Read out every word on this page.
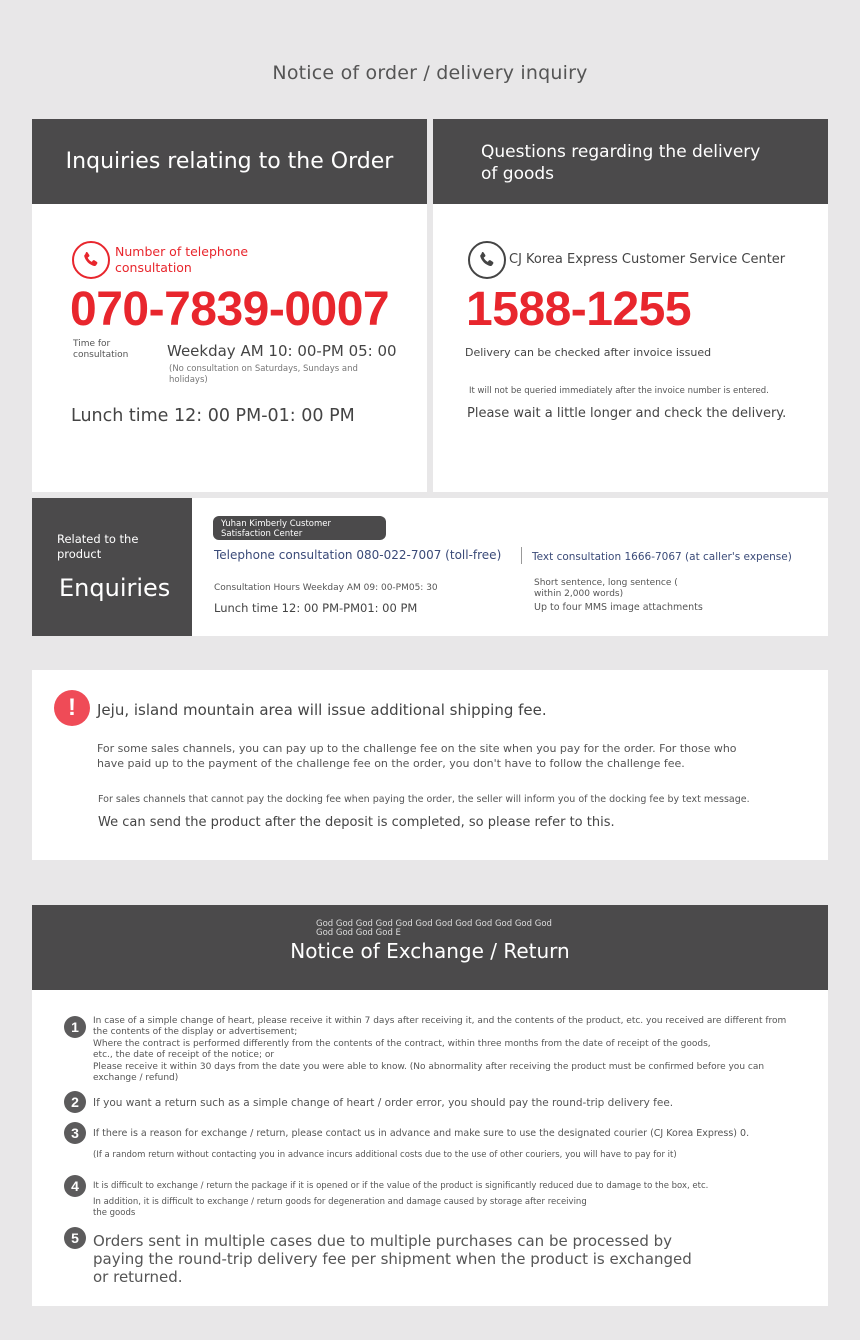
Notice of order / delivery inquiry
Inquiries relating to the Order
Number of telephone consultation
070-7839-0007
Time for consultation	Weekday AM 10: 00-PM 05: 00
(No consultation on Saturdays, Sundays and holidays)
Lunch time 12: 00 PM-01: 00 PM
Questions regarding the delivery of goods
CJ Korea Express Customer Service Center
1588-1255
Delivery can be checked after invoice issued
It will not be queried immediately after the invoice number is entered.
Please wait a little longer and check the delivery.
Related to the product
Enquiries
Yuhan Kimberly Customer Satisfaction Center
Telephone consultation 080-022-7007 (toll-free)
Consultation Hours Weekday AM 09: 00-PM05: 30
Lunch time 12: 00 PM-PM01: 00 PM
Text consultation 1666-7067 (at caller's expense)
Short sentence, long sentence ( within 2,000 words)
Up to four MMS image attachments
!	Jeju, island mountain area will issue additional shipping fee.
For some sales channels, you can pay up to the challenge fee on the site when you pay for the order. For those who have paid up to the payment of the challenge fee on the order, you don't have to follow the challenge fee.
For sales channels that cannot pay the docking fee when paying the order, the seller will inform you of the docking fee by text message.
We can send the product after the deposit is completed, so please refer to this.
God God God God God God God God God God God God God God God God E
Notice of Exchange / Return
1	In case of a simple change of heart, please receive it within 7 days after receiving it, and the contents of the product, etc. you received are different from the contents of the display or advertisement;
Where the contract is performed differently from the contents of the contract, within three months from the date of receipt of the goods, etc., the date of receipt of the notice; or
Please receive it within 30 days from the date you were able to know. (No abnormality after receiving the product must be confirmed before you can exchange / refund)
2	If you want a return such as a simple change of heart / order error, you should pay the round-trip delivery fee.
3	If there is a reason for exchange / return, please contact us in advance and make sure to use the designated courier (CJ Korea Express) 0.
(If a random return without contacting you in advance incurs additional costs due to the use of other couriers, you will have to pay for it)
4	It is difficult to exchange / return the package if it is opened or if the value of the product is significantly reduced due to damage to the box, etc.
In addition, it is difficult to exchange / return goods for degeneration and damage caused by storage after receiving the goods
5 Orders sent in multiple cases due to multiple purchases can be processed by paying the round-trip delivery fee per shipment when the product is exchanged or returned.
